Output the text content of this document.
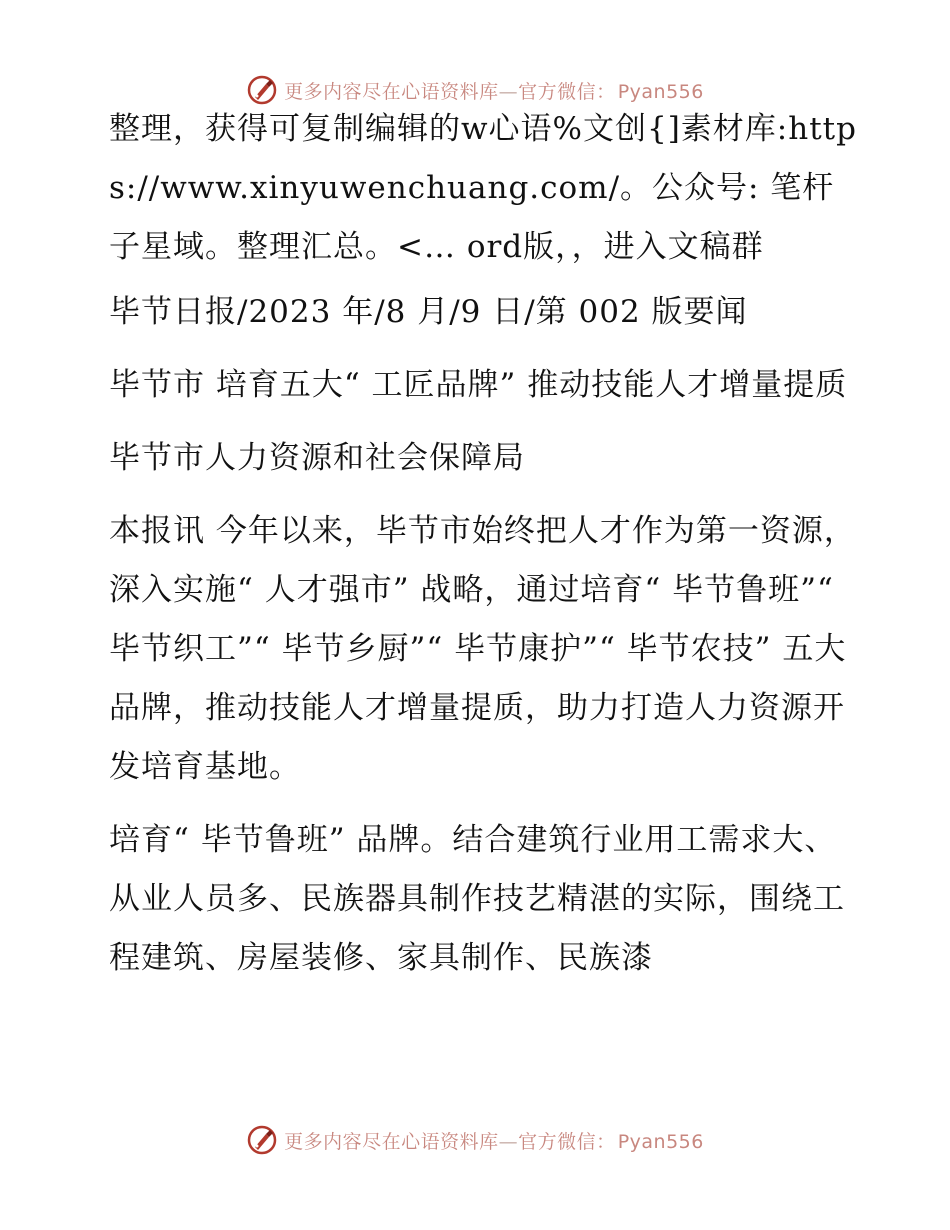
更多内容尽在心语资料库—官方微信： Pyan556

整理，获得可复制编辑的w心语%文创{]素材库:https://www.xinyuwenchuang.com/。公众号: 笔杆子星域。整理汇总。<… ord版，，进入文稿群

毕节日报/2023 年/8 月/9 日/第 002 版要闻

毕节市 培育五大“ 工匠品牌” 推动技能人才增量提质

毕节市人力资源和社会保障局

本报讯 今年以来，毕节市始终把人才作为第一资源，深入实施“ 人才强市” 战略，通过培育“ 毕节鲁班”“ 毕节织工”“ 毕节乡厨”“ 毕节康护”“ 毕节农技” 五大品牌，推动技能人才增量提质，助力打造人力资源开发培育基地。

培育“ 毕节鲁班” 品牌。结合建筑行业用工需求大、从业人员多、民族器具制作技艺精湛的实际，围绕工程建筑、房屋装修、家具制作、民族漆

更多内容尽在心语资料库—官方微信： Pyan556
